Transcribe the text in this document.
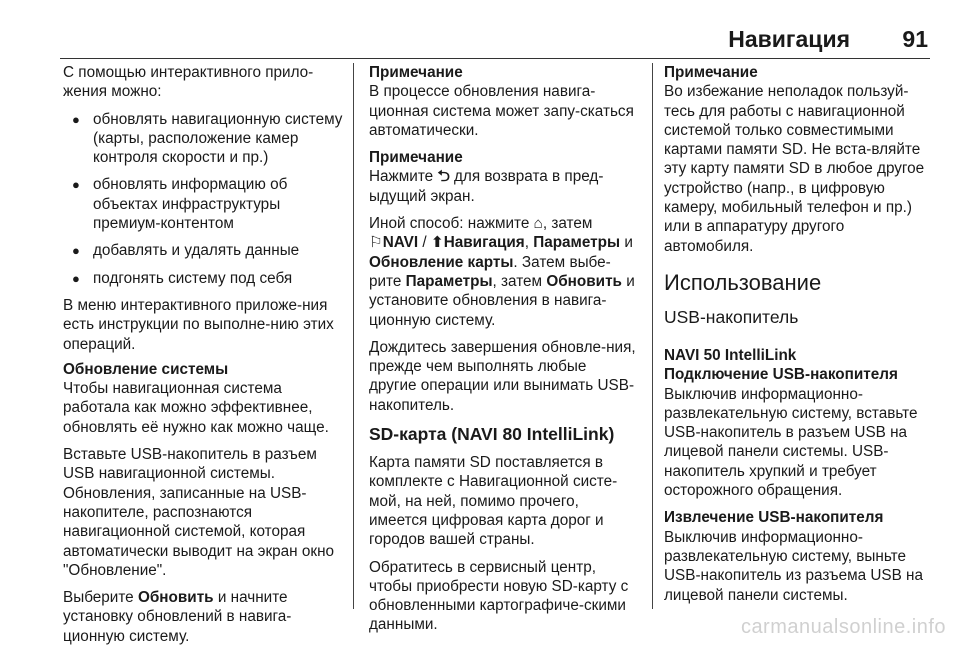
Навигация 91

С помощью интерактивного прило-жения можно:

● обновлять навигационную систему (карты, расположение камер контроля скорости и пр.)
● обновлять информацию об объектах инфраструктуры премиум-контентом
● добавлять и удалять данные
● подгонять систему под себя

В меню интерактивного приложе-ния есть инструкции по выполне-нию этих операций.

Обновление системы

Чтобы навигационная система работала как можно эффективнее, обновлять её нужно как можно чаще.

Вставьте USB-накопитель в разъем USB навигационной системы. Обновления, записанные на USB-накопителе, распознаются навигационной системой, которая автоматически выводит на экран окно "Обновление".

Выберите Обновить и начните установку обновлений в навига-ционную систему.

Примечание

В процессе обновления навига-ционная система может запу-скаться автоматически.

Примечание

Нажмите ⮌ для возврата в пред-ыдущий экран.

Иной способ: нажмите ⌂, затем
⚐NAVI / ⬆Навигация, Параметры и Обновление карты. Затем выбе-рите Параметры, затем Обновить и установите обновления в навига-ционную систему.

Дождитесь завершения обновле-ния, прежде чем выполнять любые другие операции или вынимать USB-накопитель.

SD-карта (NAVI 80 IntelliLink)

Карта памяти SD поставляется в комплекте с Навигационной систе-мой, на ней, помимо прочего, имеется цифровая карта дорог и городов вашей страны.

Обратитесь в сервисный центр, чтобы приобрести новую SD-карту с обновленными картографиче-скими данными.

Примечание

Во избежание неполадок пользуй-тесь для работы с навигационной системой только совместимыми картами памяти SD. Не вста-вляйте эту карту памяти SD в любое другое устройство (напр., в цифровую камеру, мобильный телефон и пр.) или в аппаратуру другого автомобиля.

Использование
USB-накопитель
NAVI 50 IntelliLink
Подключение USB-накопителя

Выключив информационно-развлекательную систему, вставьте USB-накопитель в разъем USB на лицевой панели системы. USB-накопитель хрупкий и требует осторожного обращения.

Извлечение USB-накопителя

Выключив информационно-развлекательную систему, выньте USB-накопитель из разъема USB на лицевой панели системы.

carmanualsonline.info
